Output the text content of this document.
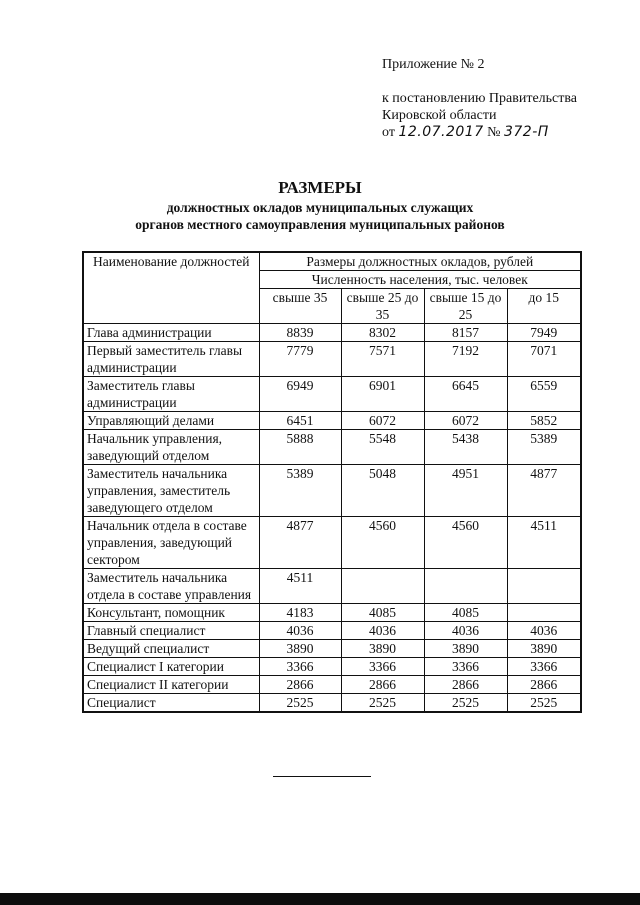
Приложение № 2
к постановлению Правительства
Кировской области
от 12.07.2017 № 372-П
РАЗМЕРЫ
должностных окладов муниципальных служащих
органов местного самоуправления муниципальных районов
Наименование должностей	Размеры должностных окладов, рублей			
	Численность населения, тыс. человек			
	свыше 35	свыше 25 до 35	свыше 15 до 25	до 15
Глава администрации	8839	8302	8157	7949
Первый заместитель главы администрации	7779	7571	7192	7071
Заместитель главы администрации	6949	6901	6645	6559
Управляющий делами	6451	6072	6072	5852
Начальник управления, заведующий отделом	5888	5548	5438	5389
Заместитель начальника управления, заместитель заведующего отделом	5389	5048	4951	4877
Начальник отдела в составе управления, заведующий сектором	4877	4560	4560	4511
Заместитель начальника отдела в составе управления	4511			
Консультант, помощник	4183	4085	4085	
Главный специалист	4036	4036	4036	4036
Ведущий специалист	3890	3890	3890	3890
Специалист I категории	3366	3366	3366	3366
Специалист II категории	2866	2866	2866	2866
Специалист	2525	2525	2525	2525
